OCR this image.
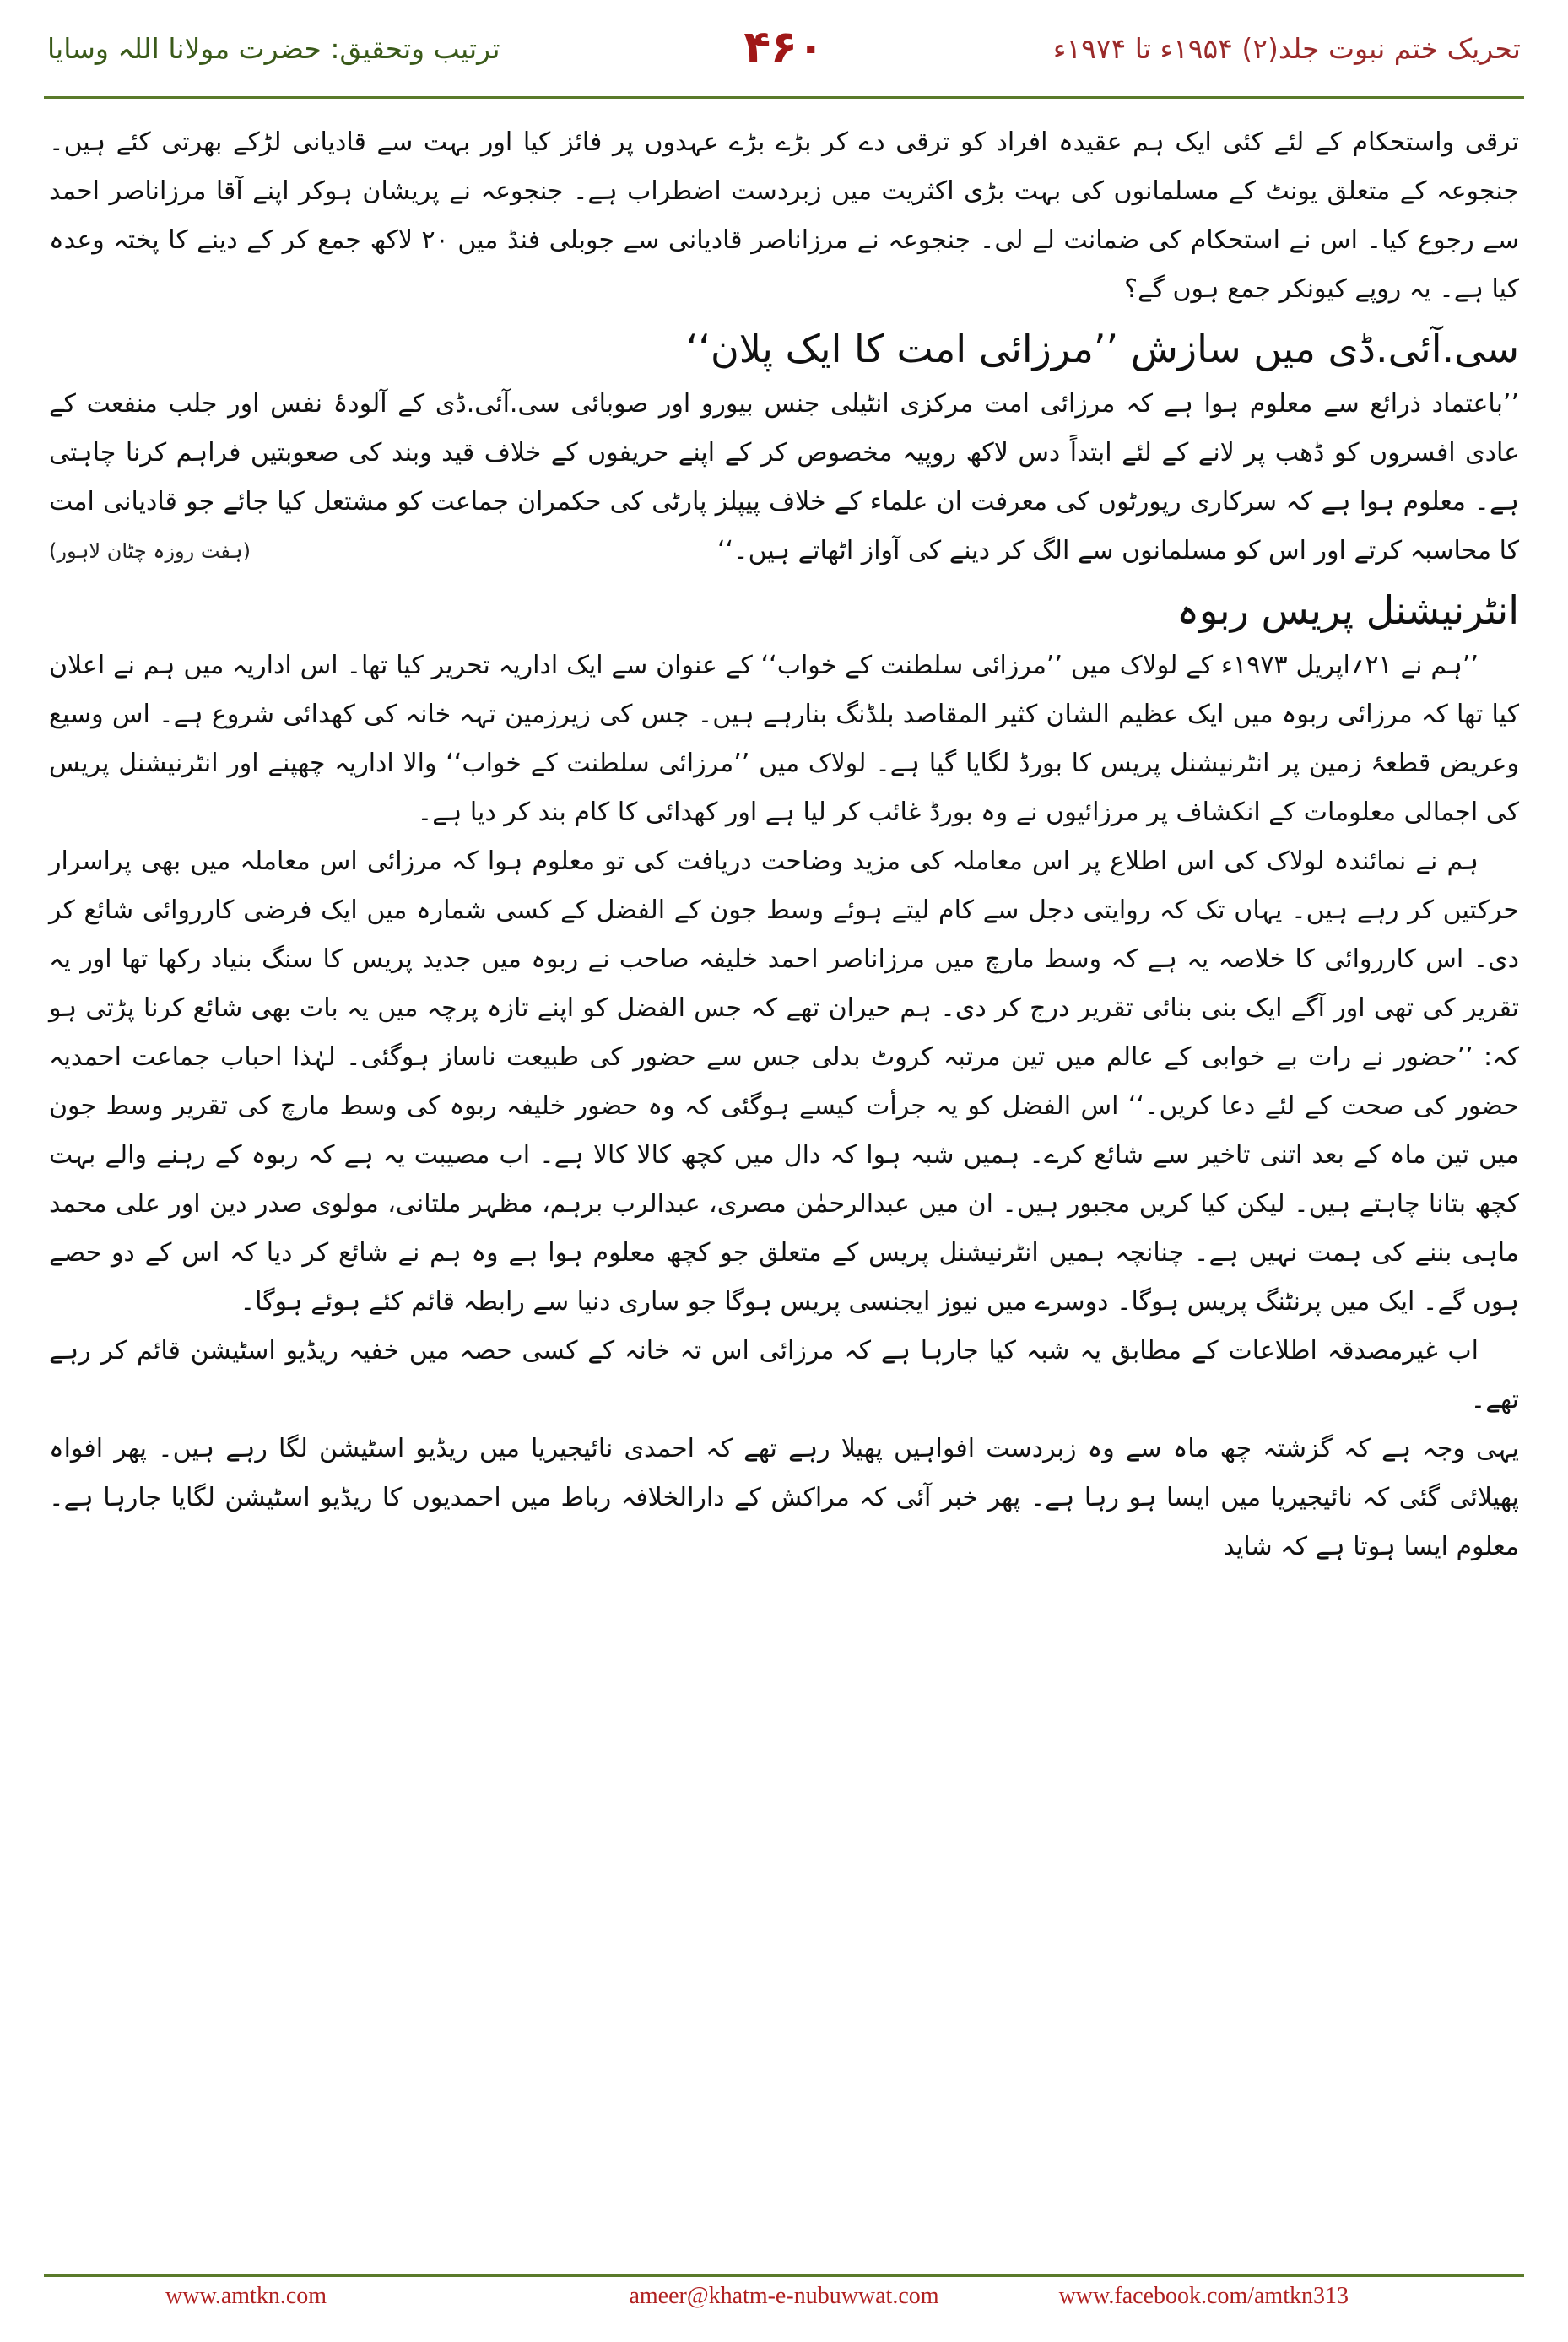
تحریک ختم نبوت جلد(۲) ۱۹۵۴ء تا ۱۹۷۴ء
۴۶۰
ترتیب وتحقیق: حضرت مولانا اللہ وسایا

ترقی واستحکام کے لئے کئی ایک ہم عقیدہ افراد کو ترقی دے کر بڑے بڑے عہدوں پر فائز کیا اور بہت سے قادیانی لڑکے بھرتی کئے ہیں۔ جنجوعہ کے متعلق یونٹ کے مسلمانوں کی بہت بڑی اکثریت میں زبردست اضطراب ہے۔ جنجوعہ نے پریشان ہوکر اپنے آقا مرزاناصر احمد سے رجوع کیا۔ اس نے استحکام کی ضمانت لے لی۔ جنجوعہ نے مرزاناصر قادیانی سے جوبلی فنڈ میں ۲۰ لاکھ جمع کر کے دینے کا پختہ وعدہ کیا ہے۔ یہ روپے کیونکر جمع ہوں گے؟

سی.آئی.ڈی میں سازش ’’مرزائی امت کا ایک پلان‘‘

’’باعتماد ذرائع سے معلوم ہوا ہے کہ مرزائی امت مرکزی انٹیلی جنس بیورو اور صوبائی سی.آئی.ڈی کے آلودۂ نفس اور جلب منفعت کے عادی افسروں کو ڈھب پر لانے کے لئے ابتداً دس لاکھ روپیہ مخصوص کر کے اپنے حریفوں کے خلاف قید وبند کی صعوبتیں فراہم کرنا چاہتی ہے۔ معلوم ہوا ہے کہ سرکاری رپورٹوں کی معرفت ان علماء کے خلاف پیپلز پارٹی کی حکمران جماعت کو مشتعل کیا جائے جو قادیانی امت کا محاسبہ کرتے اور اس کو مسلمانوں سے الگ کر دینے کی آواز اٹھاتے ہیں۔‘‘
(ہفت روزہ چٹان لاہور)

انٹرنیشنل پریس ربوہ

’’ہم نے ۲۱؍اپریل ۱۹۷۳ء کے لولاک میں ’’مرزائی سلطنت کے خواب‘‘ کے عنوان سے ایک اداریہ تحریر کیا تھا۔ اس اداریہ میں ہم نے اعلان کیا تھا کہ مرزائی ربوہ میں ایک عظیم الشان کثیر المقاصد بلڈنگ بنارہے ہیں۔ جس کی زیرزمین تہہ خانہ کی کھدائی شروع ہے۔ اس وسیع وعریض قطعۂ زمین پر انٹرنیشنل پریس کا بورڈ لگایا گیا ہے۔ لولاک میں ’’مرزائی سلطنت کے خواب‘‘ والا اداریہ چھپنے اور انٹرنیشنل پریس کی اجمالی معلومات کے انکشاف پر مرزائیوں نے وہ بورڈ غائب کر لیا ہے اور کھدائی کا کام بند کر دیا ہے۔

ہم نے نمائندہ لولاک کی اس اطلاع پر اس معاملہ کی مزید وضاحت دریافت کی تو معلوم ہوا کہ مرزائی اس معاملہ میں بھی پراسرار حرکتیں کر رہے ہیں۔ یہاں تک کہ روایتی دجل سے کام لیتے ہوئے وسط جون کے الفضل کے کسی شمارہ میں ایک فرضی کارروائی شائع کر دی۔ اس کارروائی کا خلاصہ یہ ہے کہ وسط مارچ میں مرزاناصر احمد خلیفہ صاحب نے ربوہ میں جدید پریس کا سنگ بنیاد رکھا تھا اور یہ تقریر کی تھی اور آگے ایک بنی بنائی تقریر درج کر دی۔ ہم حیران تھے کہ جس الفضل کو اپنے تازہ پرچہ میں یہ بات بھی شائع کرنا پڑتی ہو کہ: ’’حضور نے رات بے خوابی کے عالم میں تین مرتبہ کروٹ بدلی جس سے حضور کی طبیعت ناساز ہوگئی۔ لہٰذا احباب جماعت احمدیہ حضور کی صحت کے لئے دعا کریں۔‘‘ اس الفضل کو یہ جرأت کیسے ہوگئی کہ وہ حضور خلیفہ ربوہ کی وسط مارچ کی تقریر وسط جون میں تین ماہ کے بعد اتنی تاخیر سے شائع کرے۔ ہمیں شبہ ہوا کہ دال میں کچھ کالا کالا ہے۔ اب مصیبت یہ ہے کہ ربوہ کے رہنے والے بہت کچھ بتانا چاہتے ہیں۔ لیکن کیا کریں مجبور ہیں۔ ان میں عبدالرحمٰن مصری، عبدالرب برہم، مظہر ملتانی، مولوی صدر دین اور علی محمد ماہی بننے کی ہمت نہیں ہے۔ چنانچہ ہمیں انٹرنیشنل پریس کے متعلق جو کچھ معلوم ہوا ہے وہ ہم نے شائع کر دیا کہ اس کے دو حصے ہوں گے۔ ایک میں پرنٹنگ پریس ہوگا۔ دوسرے میں نیوز ایجنسی پریس ہوگا جو ساری دنیا سے رابطہ قائم کئے ہوئے ہوگا۔

اب غیرمصدقہ اطلاعات کے مطابق یہ شبہ کیا جارہا ہے کہ مرزائی اس تہ خانہ کے کسی حصہ میں خفیہ ریڈیو اسٹیشن قائم کر رہے تھے۔

یہی وجہ ہے کہ گزشتہ چھ ماہ سے وہ زبردست افواہیں پھیلا رہے تھے کہ احمدی نائیجیریا میں ریڈیو اسٹیشن لگا رہے ہیں۔ پھر افواہ پھیلائی گئی کہ نائیجیریا میں ایسا ہو رہا ہے۔ پھر خبر آئی کہ مراکش کے دارالخلافہ رباط میں احمدیوں کا ریڈیو اسٹیشن لگایا جارہا ہے۔ معلوم ایسا ہوتا ہے کہ شاید

www.amtkn.com	ameer@khatm-e-nubuwwat.com	www.facebook.com/amtkn313
